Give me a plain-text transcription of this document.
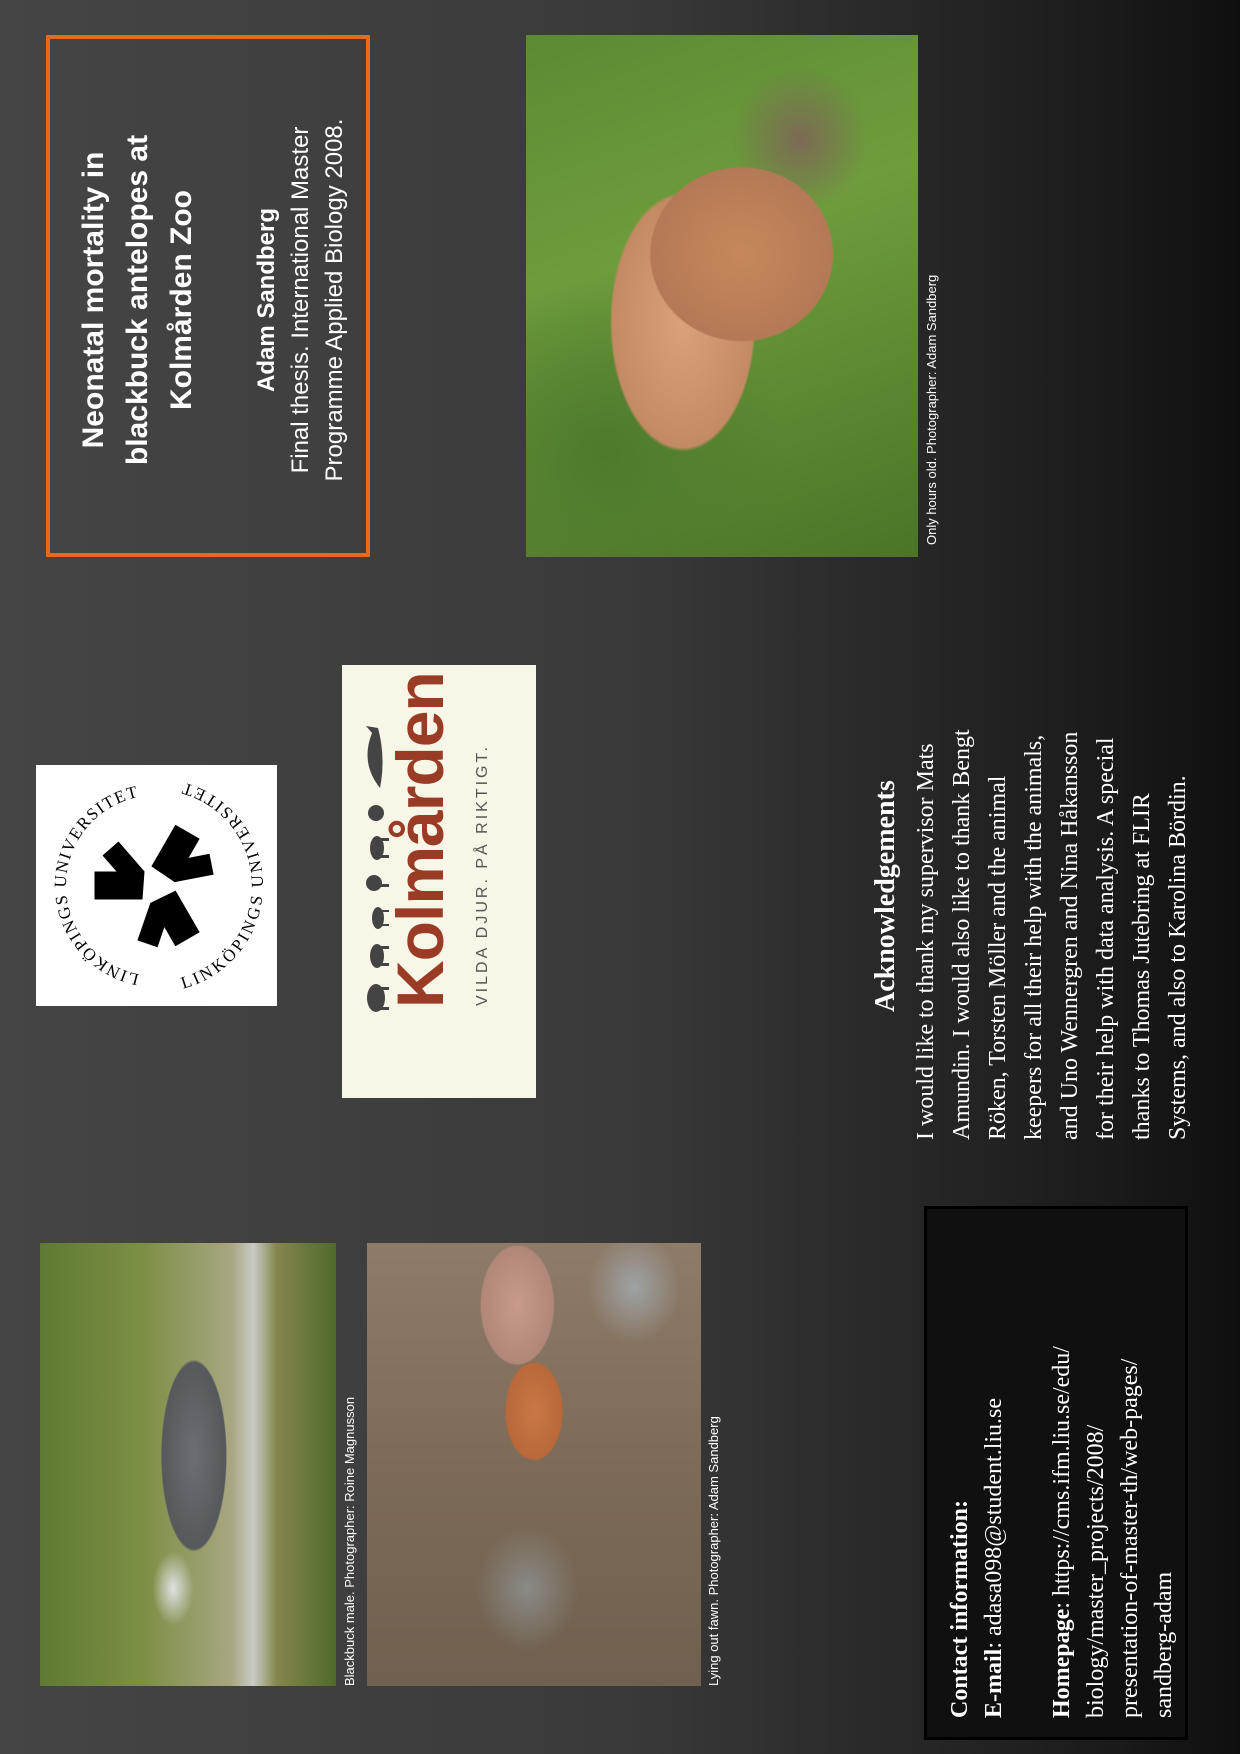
Neonatal mortality in blackbuck antelopes at Kolmården Zoo Adam Sandberg Final thesis. International Master Programme Applied Biology 2008.	Only hours old. Photographer: Adam Sandberg
LINKÖPINGS UNIVERSITET
LINKÖPINGS UNIVERSITET	Kolmården VILDA DJUR. PÅ RIKTIGT.
Blackbuck male. Photographer: Roine Magnusson	Lying out fawn. Photographer: Adam Sandberg
Acknowledgements I would like to thank my supervisor Mats Amundin. I would also like to thank Bengt Röken, Torsten Möller and the animal keepers for all their help with the animals, and Uno Wennergren and Nina Håkansson for their help with data analysis. A special thanks to Thomas Jutebring at FLIR Systems, and also to Karolina Bördin.
Contact information: E-mail: adasa098@student.liu.se
Homepage: https://cms.ifm.liu.se/edu/ biology/master_projects/2008/ presentation-of-master-th/web-pages/ sandberg-adam
